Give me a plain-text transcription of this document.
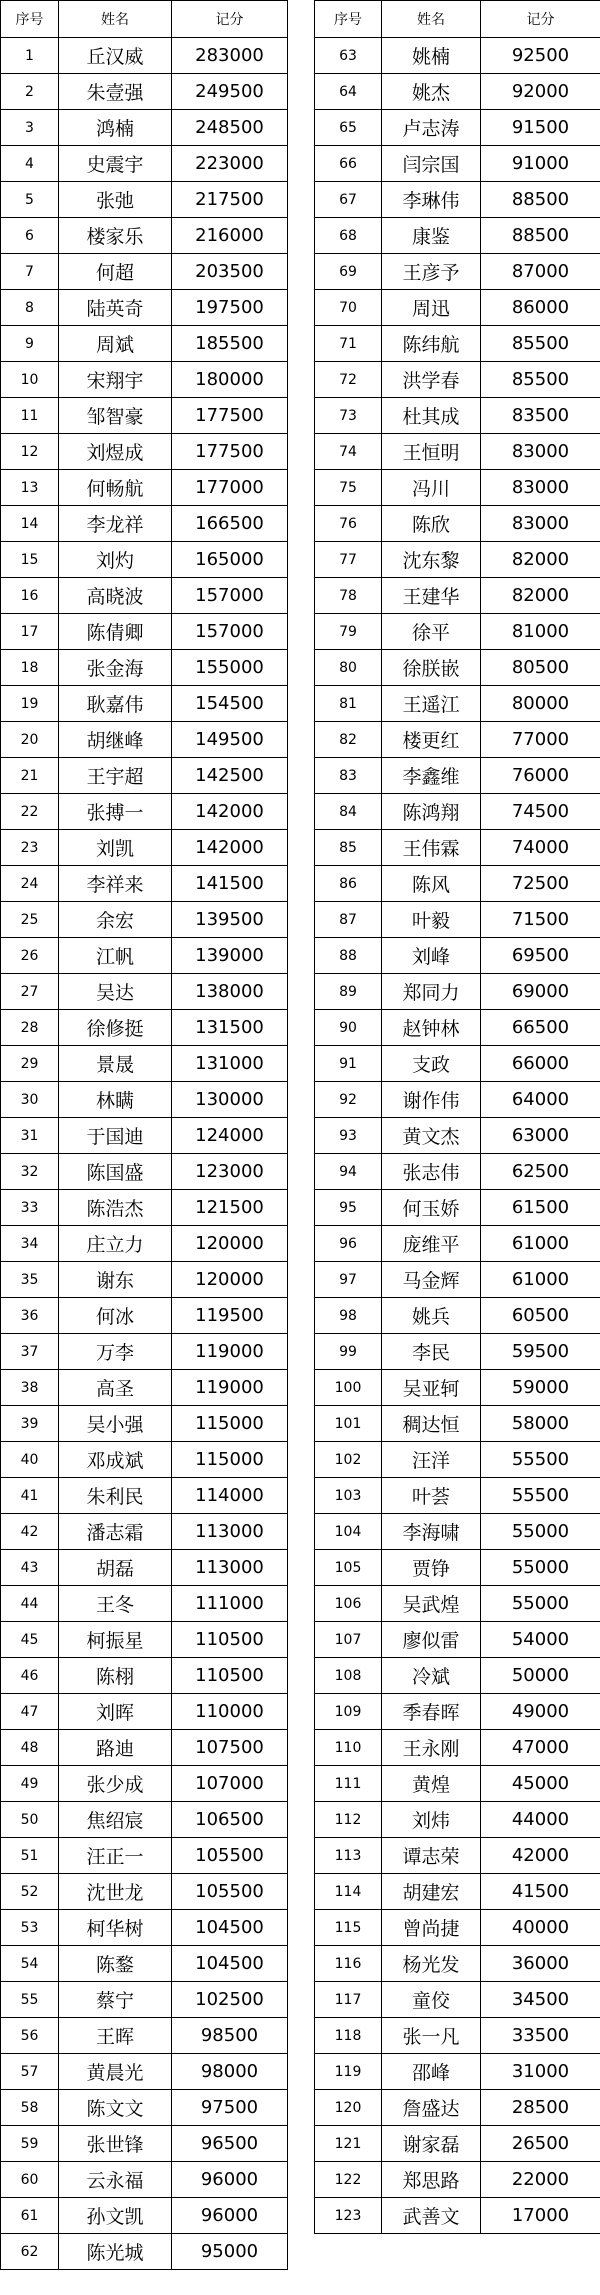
序号	姓名	记分
1	丘汉威	283000
2	朱壹强	249500
3	鸿楠	248500
4	史震宇	223000
5	张弛	217500
6	楼家乐	216000
7	何超	203500
8	陆英奇	197500
9	周斌	185500
10	宋翔宇	180000
11	邹智豪	177500
12	刘煜成	177500
13	何畅航	177000
14	李龙祥	166500
15	刘灼	165000
16	高晓波	157000
17	陈倩卿	157000
18	张金海	155000
19	耿嘉伟	154500
20	胡继峰	149500
21	王宇超	142500
22	张搏一	142000
23	刘凯	142000
24	李祥来	141500
25	余宏	139500
26	江帆	139000
27	吴达	138000
28	徐修挺	131500
29	景晟	131000
30	林瞒	130000
31	于国迪	124000
32	陈国盛	123000
33	陈浩杰	121500
34	庄立力	120000
35	谢东	120000
36	何冰	119500
37	万李	119000
38	高圣	119000
39	吴小强	115000
40	邓成斌	115000
41	朱利民	114000
42	潘志霜	113000
43	胡磊	113000
44	王冬	111000
45	柯振星	110500
46	陈栩	110500
47	刘晖	110000
48	路迪	107500
49	张少成	107000
50	焦绍宸	106500
51	汪正一	105500
52	沈世龙	105500
53	柯华树	104500
54	陈鍪	104500
55	蔡宁	102500
56	王晖	98500
57	黄晨光	98000
58	陈文文	97500
59	张世锋	96500
60	云永福	96000
61	孙文凯	96000
62	陈光城	95000
序号	姓名	记分
63	姚楠	92500
64	姚杰	92000
65	卢志涛	91500
66	闫宗国	91000
67	李琳伟	88500
68	康鉴	88500
69	王彦予	87000
70	周迅	86000
71	陈纬航	85500
72	洪学春	85500
73	杜其成	83500
74	王恒明	83000
75	冯川	83000
76	陈欣	83000
77	沈东黎	82000
78	王建华	82000
79	徐平	81000
80	徐朕嵌	80500
81	王遥江	80000
82	楼更红	77000
83	李鑫维	76000
84	陈鸿翔	74500
85	王伟霖	74000
86	陈风	72500
87	叶毅	71500
88	刘峰	69500
89	郑同力	69000
90	赵钟林	66500
91	支政	66000
92	谢作伟	64000
93	黄文杰	63000
94	张志伟	62500
95	何玉娇	61500
96	庞维平	61000
97	马金辉	61000
98	姚兵	60500
99	李民	59500
100	吴亚轲	59000
101	稠达恒	58000
102	汪洋	55500
103	叶荟	55500
104	李海啸	55000
105	贾铮	55000
106	吴武煌	55000
107	廖似雷	54000
108	冷斌	50000
109	季春晖	49000
110	王永刚	47000
111	黄煌	45000
112	刘炜	44000
113	谭志荣	42000
114	胡建宏	41500
115	曾尚捷	40000
116	杨光发	36000
117	童佼	34500
118	张一凡	33500
119	邵峰	31000
120	詹盛达	28500
121	谢家磊	26500
122	郑思路	22000
123	武善文	17000
